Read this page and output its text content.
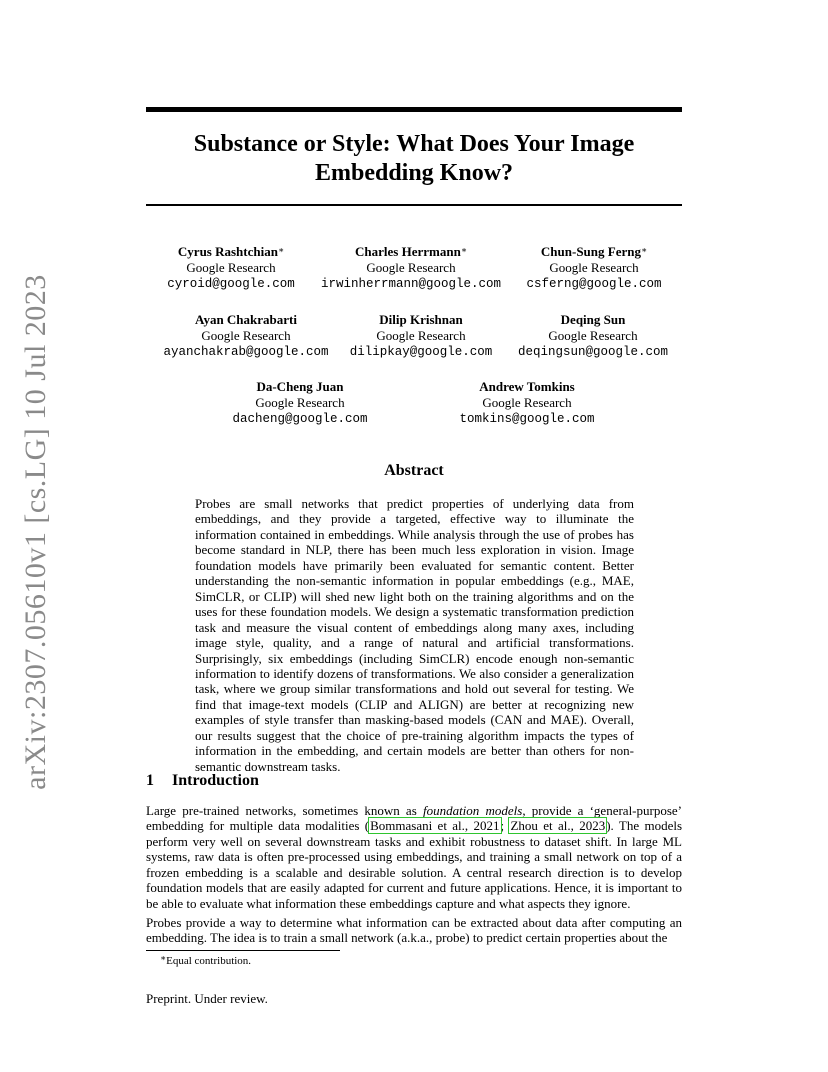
arXiv:2307.05610v1 [cs.LG] 10 Jul 2023
Substance or Style: What Does Your Image
Embedding Know?
Cyrus Rashtchian∗
Google Research
cyroid@google.com
Charles Herrmann∗
Google Research
irwinherrmann@google.com
Chun-Sung Ferng∗
Google Research
csferng@google.com
Ayan Chakrabarti
Google Research
ayanchakrab@google.com
Dilip Krishnan
Google Research
dilipkay@google.com
Deqing Sun
Google Research
deqingsun@google.com
Da-Cheng Juan
Google Research
dacheng@google.com
Andrew Tomkins
Google Research
tomkins@google.com
Abstract
Probes are small networks that predict properties of underlying data from embeddings, and they provide a targeted, effective way to illuminate the information contained in embeddings. While analysis through the use of probes has become standard in NLP, there has been much less exploration in vision. Image foundation models have primarily been evaluated for semantic content. Better understanding the non-semantic information in popular embeddings (e.g., MAE, SimCLR, or CLIP) will shed new light both on the training algorithms and on the uses for these foundation models. We design a systematic transformation prediction task and measure the visual content of embeddings along many axes, including image style, quality, and a range of natural and artificial transformations. Surprisingly, six embeddings (including SimCLR) encode enough non-semantic information to identify dozens of transformations. We also consider a generalization task, where we group similar transformations and hold out several for testing. We find that image-text models (CLIP and ALIGN) are better at recognizing new examples of style transfer than masking-based models (CAN and MAE). Overall, our results suggest that the choice of pre-training algorithm impacts the types of information in the embedding, and certain models are better than others for non-semantic downstream tasks.
1 Introduction
Large pre-trained networks, sometimes known as foundation models, provide a ‘general-purpose’ embedding for multiple data modalities (Bommasani et al., 2021; Zhou et al., 2023). The models perform very well on several downstream tasks and exhibit robustness to dataset shift. In large ML systems, raw data is often pre-processed using embeddings, and training a small network on top of a frozen embedding is a scalable and desirable solution. A central research direction is to develop foundation models that are easily adapted for current and future applications. Hence, it is important to be able to evaluate what information these embeddings capture and what aspects they ignore.
Probes provide a way to determine what information can be extracted about data after computing an embedding. The idea is to train a small network (a.k.a., probe) to predict certain properties about the
∗Equal contribution.
Preprint. Under review.
